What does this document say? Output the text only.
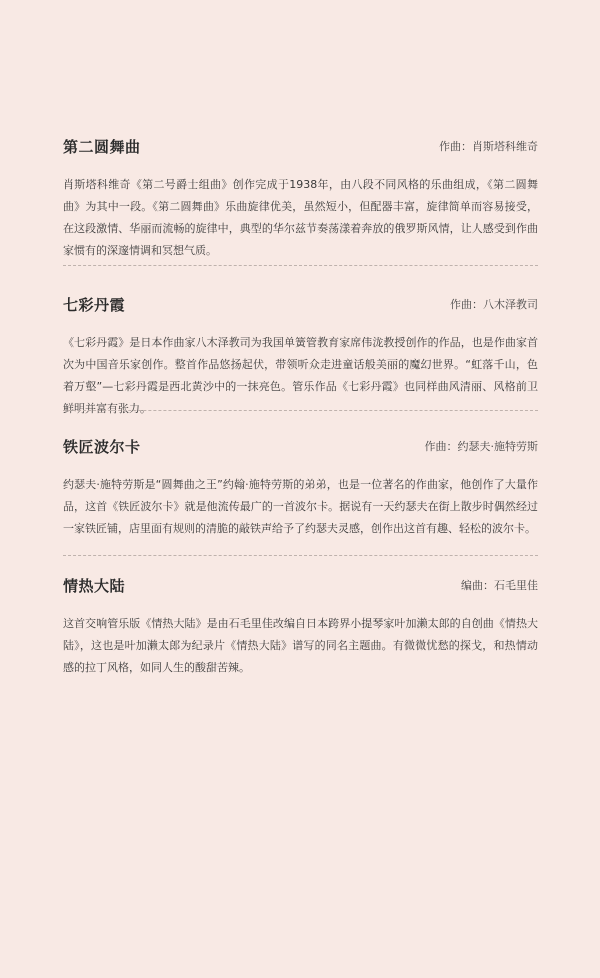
第二圆舞曲	作曲：肖斯塔科维奇

肖斯塔科维奇《第二号爵士组曲》创作完成于1938年，由八段不同风格的乐曲组成，《第二圆舞曲》为其中一段。《第二圆舞曲》乐曲旋律优美，虽然短小，但配器丰富，旋律简单而容易接受，在这段激情、华丽而流畅的旋律中，典型的华尔兹节奏荡漾着奔放的俄罗斯风情，让人感受到作曲家惯有的深邃情调和冥想气质。

七彩丹霞	作曲：八木泽教司

《七彩丹霞》是日本作曲家八木泽教司为我国单簧管教育家席伟泷教授创作的作品，也是作曲家首次为中国音乐家创作。整首作品悠扬起伏，带领听众走进童话般美丽的魔幻世界。“虹落千山，色着万壑”—七彩丹霞是西北黄沙中的一抹亮色。管乐作品《七彩丹霞》也同样曲风清丽、风格前卫鲜明并富有张力。

铁匠波尔卡	作曲：约瑟夫·施特劳斯

约瑟夫·施特劳斯是“圆舞曲之王”约翰·施特劳斯的弟弟，也是一位著名的作曲家，他创作了大量作品，这首《铁匠波尔卡》就是他流传最广的一首波尔卡。据说有一天约瑟夫在街上散步时偶然经过一家铁匠铺，店里面有规则的清脆的敲铁声给予了约瑟夫灵感，创作出这首有趣、轻松的波尔卡。

情热大陆	编曲：石毛里佳

这首交响管乐版《情热大陆》是由石毛里佳改编自日本跨界小提琴家叶加濑太郎的自创曲《情热大陆》，这也是叶加濑太郎为纪录片《情热大陆》谱写的同名主题曲。有微微忧愁的探戈，和热情动感的拉丁风格，如同人生的酸甜苦辣。
